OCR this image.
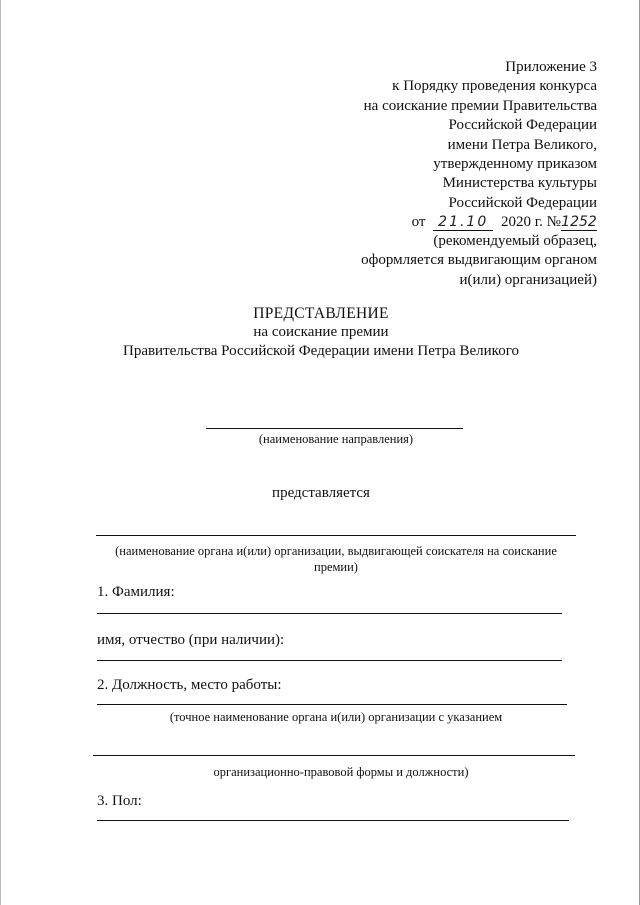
Приложение 3
к Порядку проведения конкурса
на соискание премии Правительства
Российской Федерации
имени Петра Великого,
утвержденному приказом
Министерства культуры
Российской Федерации
от 21.10 2020 г. №1252
(рекомендуемый образец,
оформляется выдвигающим органом
и(или) организацией)
ПРЕДСТАВЛЕНИЕ
на соискание премии
Правительства Российской Федерации имени Петра Великого
(наименование направления)
представляется
(наименование органа и(или) организации, выдвигающей соискателя на соискание премии)
1. Фамилия:
имя, отчество (при наличии):
2. Должность, место работы:
(точное наименование органа и(или) организации с указанием
организационно-правовой формы и должности)
3. Пол:
